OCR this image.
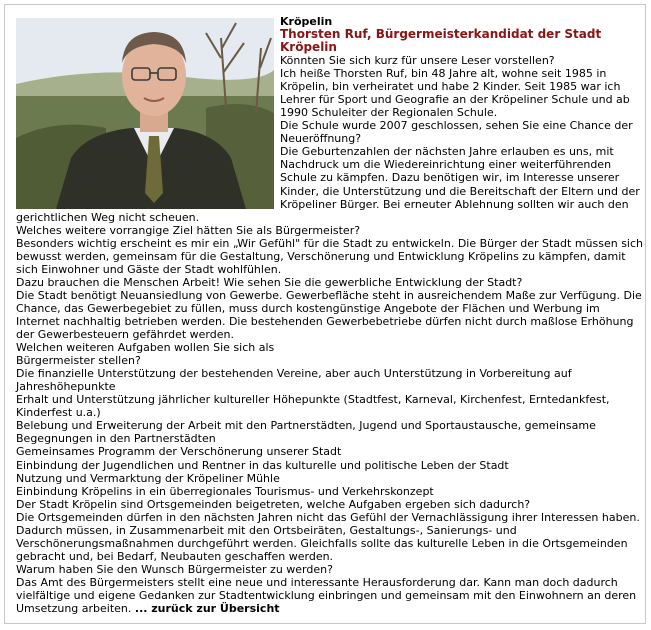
Kröpelin
Thorsten Ruf, Bürgermeisterkandidat der Stadt Kröpelin

Könnten Sie sich kurz für unsere Leser vorstellen?

Ich heiße Thorsten Ruf, bin 48 Jahre alt, wohne seit 1985 in Kröpelin, bin verheiratet und habe 2 Kinder. Seit 1985 war ich Lehrer für Sport und Geografie an der Kröpeliner Schule und ab 1990 Schuleiter der Regionalen Schule.

Die Schule wurde 2007 geschlossen, sehen Sie eine Chance der Neueröffnung?

Die Geburtenzahlen der nächsten Jahre erlauben es uns, mit Nachdruck um die Wiedereinrichtung einer weiterführenden Schule zu kämpfen. Dazu benötigen wir, im Interesse unserer Kinder, die Unterstützung und die Bereitschaft der Eltern und der Kröpeliner Bürger. Bei erneuter Ablehnung sollten wir auch den gerichtlichen Weg nicht scheuen.

Welches weitere vorrangige Ziel hätten Sie als Bürgermeister?

Besonders wichtig erscheint es mir ein „Wir Gefühl" für die Stadt zu entwickeln. Die Bürger der Stadt müssen sich bewusst werden, gemeinsam für die Gestaltung, Verschönerung und Entwicklung Kröpelins zu kämpfen, damit sich Einwohner und Gäste der Stadt wohlfühlen.

Dazu brauchen die Menschen Arbeit! Wie sehen Sie die gewerbliche Entwicklung der Stadt?

Die Stadt benötigt Neuansiedlung von Gewerbe. Gewerbefläche steht in ausreichendem Maße zur Verfügung. Die Chance, das Gewerbegebiet zu füllen, muss durch kostengünstige Angebote der Flächen und Werbung im Internet nachhaltig betrieben werden. Die bestehenden Gewerbebetriebe dürfen nicht durch maßlose Erhöhung der Gewerbesteuern gefährdet werden.

Welchen weiteren Aufgaben wollen Sie sich als

Bürgermeister stellen?

Die finanzielle Unterstützung der bestehenden Vereine, aber auch Unterstützung in Vorbereitung auf Jahreshöhepunkte

Erhalt und Unterstützung jährlicher kultureller Höhepunkte (Stadtfest, Karneval, Kirchenfest, Erntedankfest, Kinderfest u.a.)

Belebung und Erweiterung der Arbeit mit den Partnerstädten, Jugend und Sportaustausche, gemeinsame Begegnungen in den Partnerstädten

Gemeinsames Programm der Verschönerung unserer Stadt

Einbindung der Jugendlichen und Rentner in das kulturelle und politische Leben der Stadt

Nutzung und Vermarktung der Kröpeliner Mühle

Einbindung Kröpelins in ein überregionales Tourismus- und Verkehrskonzept

Der Stadt Kröpelin sind Ortsgemeinden beigetreten, welche Aufgaben ergeben sich dadurch?

Die Ortsgemeinden dürfen in den nächsten Jahren nicht das Gefühl der Vernachlässigung ihrer Interessen haben.

Dadurch müssen, in Zusammenarbeit mit den Ortsbeiräten, Gestaltungs-, Sanierungs- und Verschönerungsmaßnahmen durchgeführt werden. Gleichfalls sollte das kulturelle Leben in die Ortsgemeinden gebracht und, bei Bedarf, Neubauten geschaffen werden.

Warum haben Sie den Wunsch Bürgermeister zu werden?

Das Amt des Bürgermeisters stellt eine neue und interessante Herausforderung dar. Kann man doch dadurch vielfältige und eigene Gedanken zur Stadtentwicklung einbringen und gemeinsam mit den Einwohnern an deren Umsetzung arbeiten. ... zurück zur Übersicht
